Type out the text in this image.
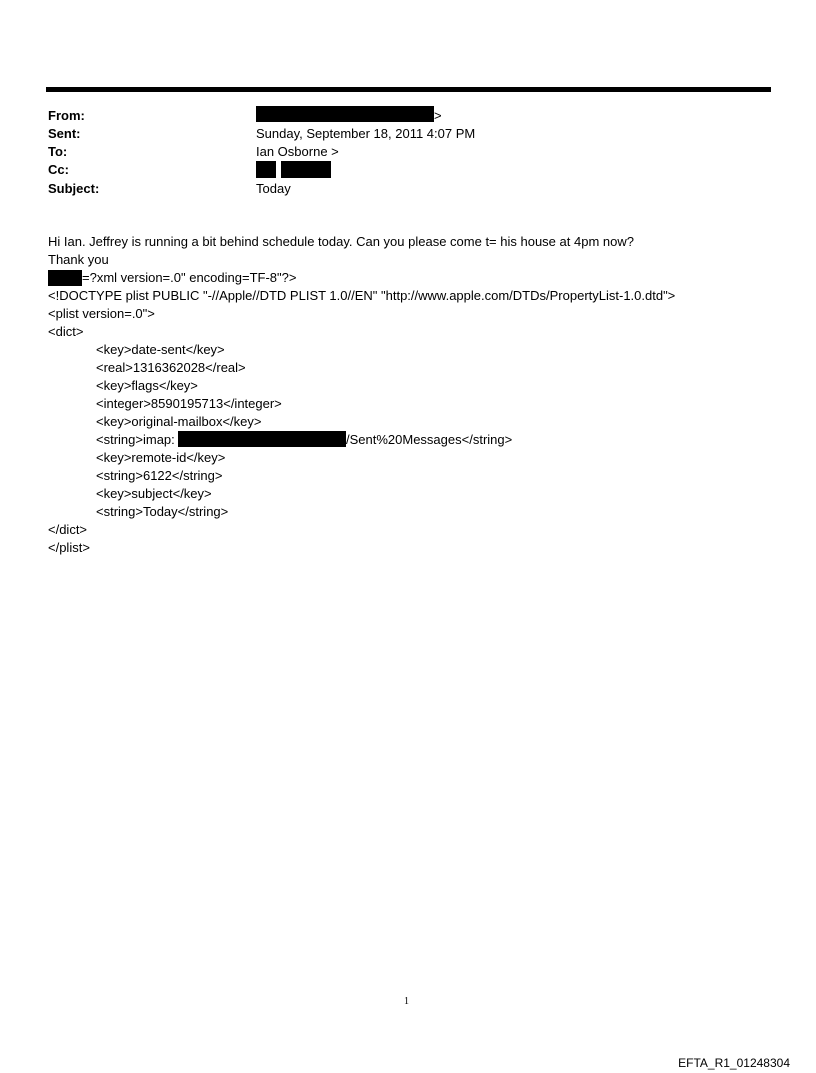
From:	>
Sent:	Sunday, September 18, 2011 4:07 PM
To:	Ian Osborne >
Cc:
Subject:	Today
Hi Ian. Jeffrey is running a bit behind schedule today. Can you please come t= his house at 4pm now?
Thank you
=?xml version=.0" encoding=TF-8"?>
<!DOCTYPE plist PUBLIC "-//Apple//DTD PLIST 1.0//EN" "http://www.apple.com/DTDs/PropertyList-1.0.dtd">
<plist version=.0">
<dict>
<key>date-sent</key>
<real>1316362028</real>
<key>flags</key>
<integer>8590195713</integer>
<key>original-mailbox</key>
<string>imap:	/Sent%20Messages</string>
<key>remote-id</key>
<string>6122</string>
<key>subject</key>
<string>Today</string>
</dict>
</plist>
1
EFTA_R1_01248304
